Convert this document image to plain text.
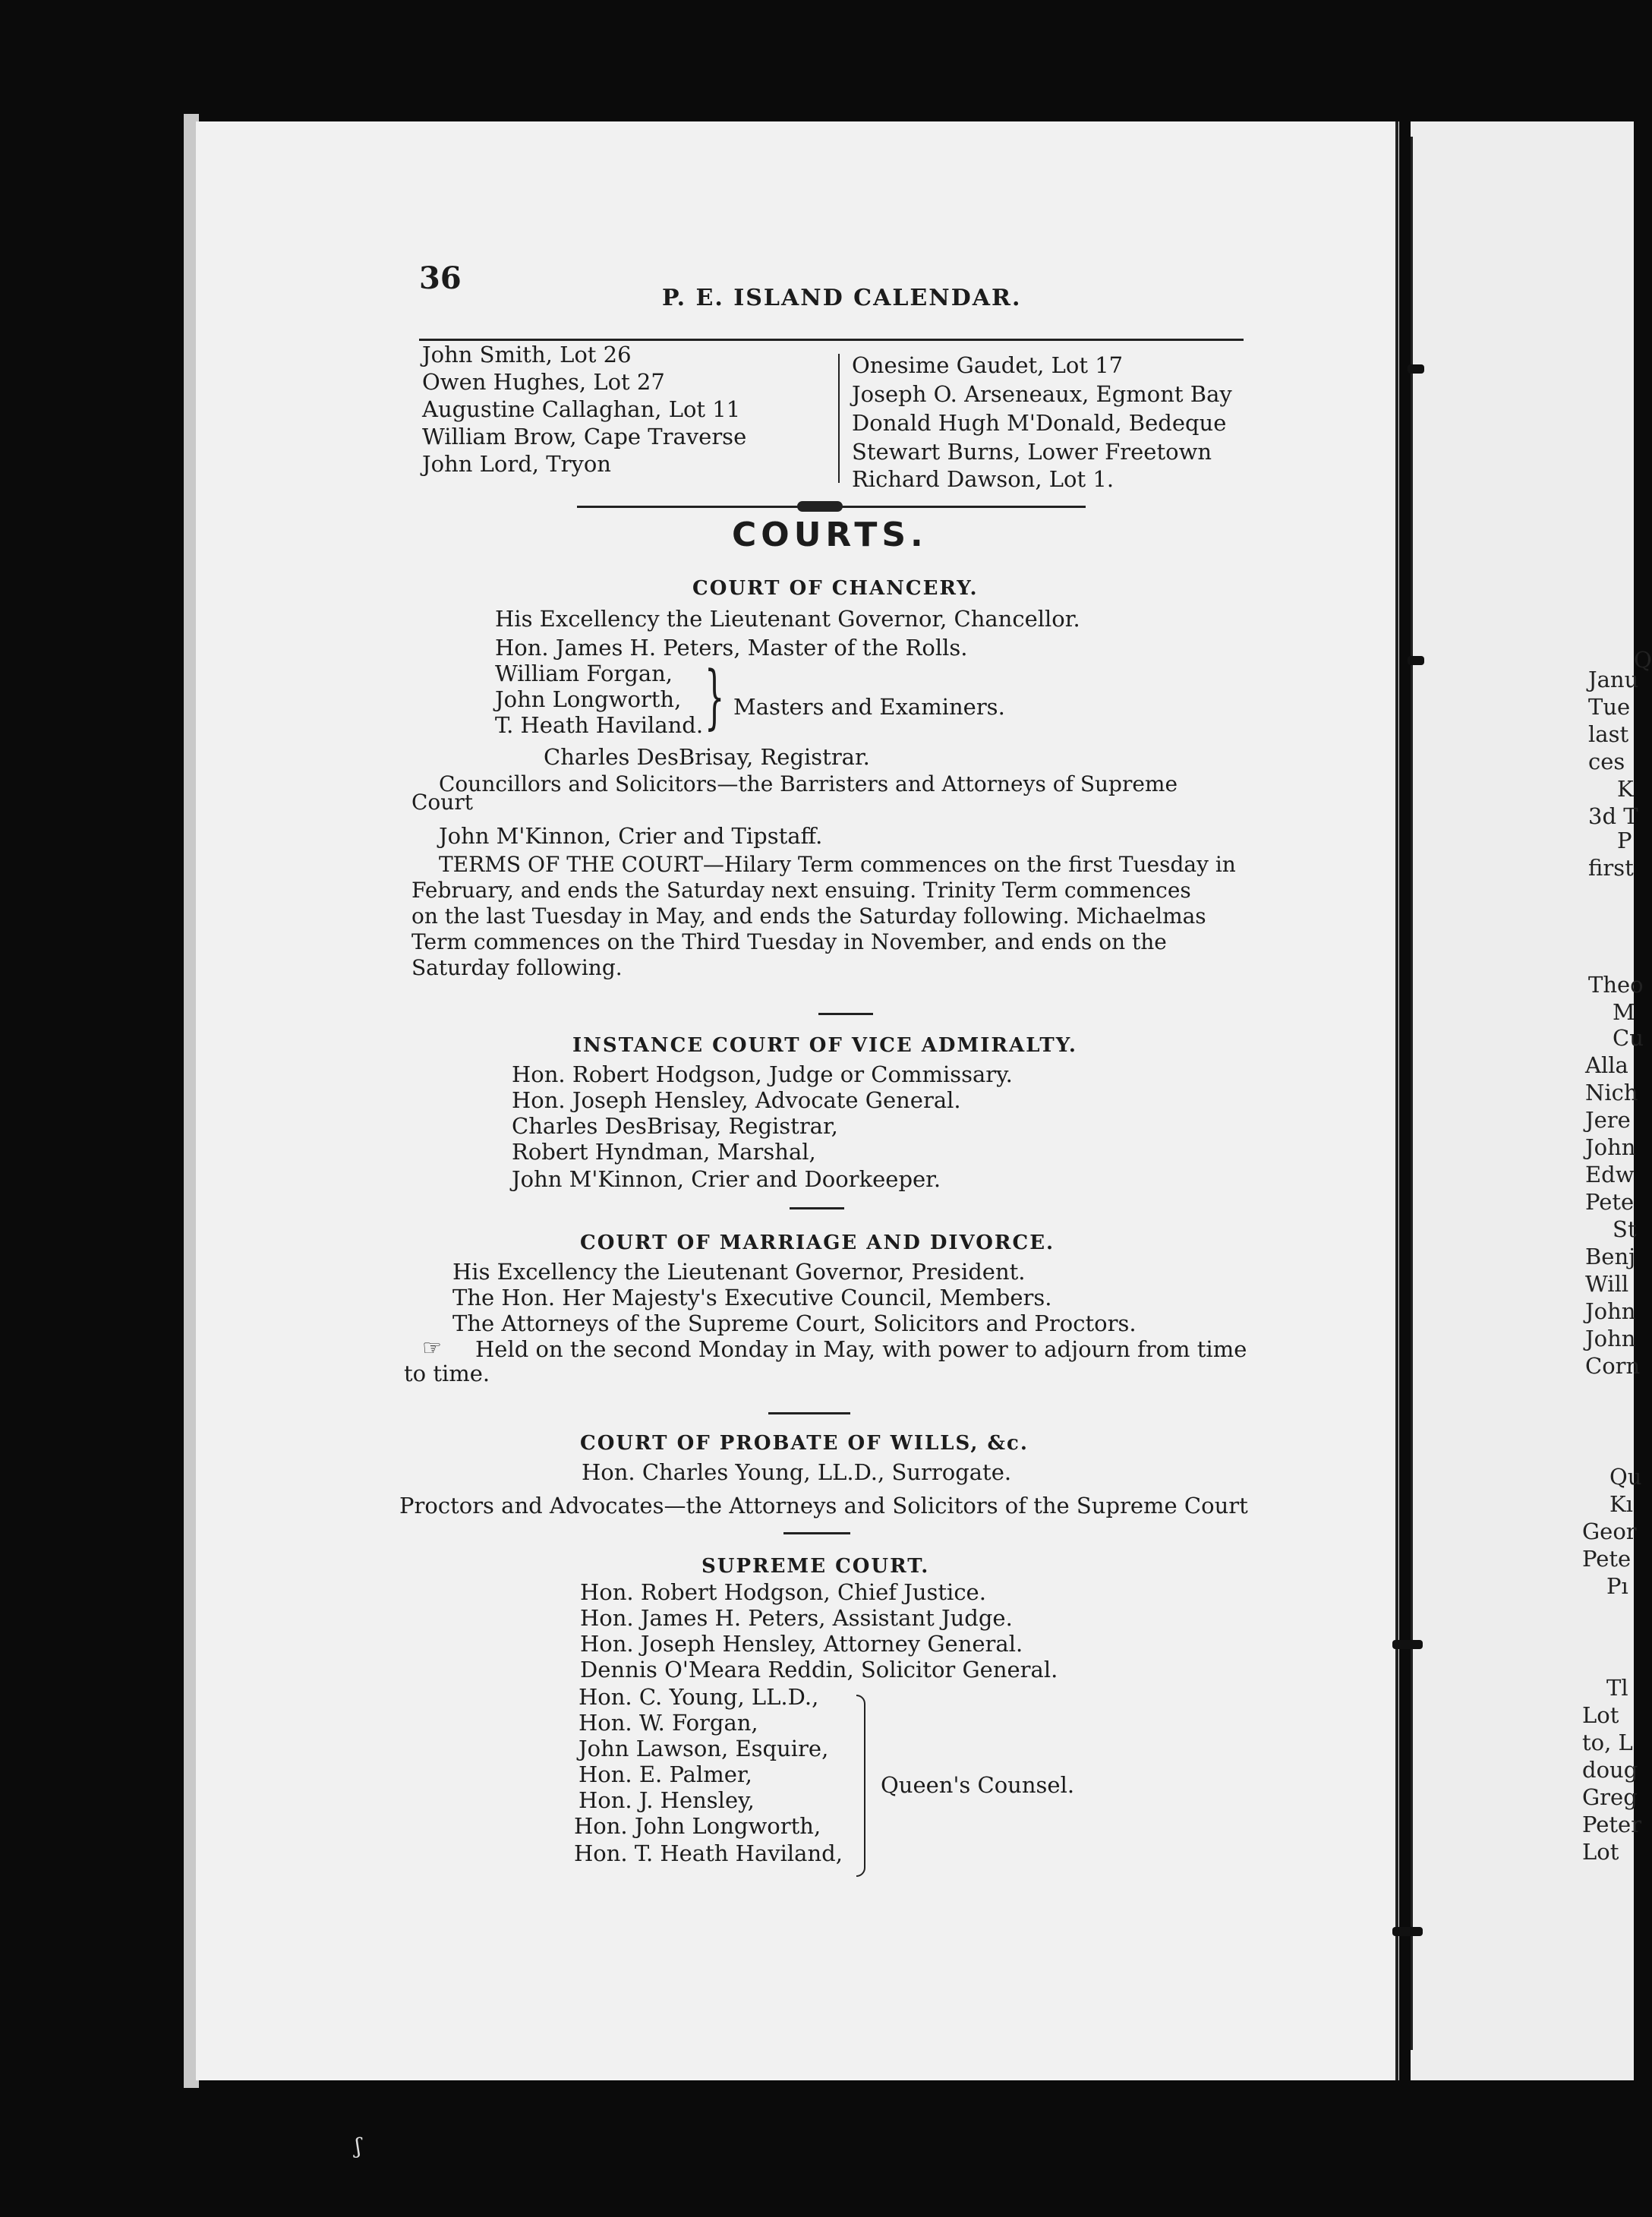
ʃ
36
P. E. ISLAND CALENDAR.
John Smith, Lot 26
Owen Hughes, Lot 27
Augustine Callaghan, Lot 11
William Brow, Cape Traverse
John Lord, Tryon
Onesime Gaudet, Lot 17
Joseph O. Arseneaux, Egmont Bay
Donald Hugh M'Donald, Bedeque
Stewart Burns, Lower Freetown
Richard Dawson, Lot 1.
COURTS.
COURT OF CHANCERY.
His Excellency the Lieutenant Governor, Chancellor.
Hon. James H. Peters, Master of the Rolls.
William Forgan,
John Longworth,
T. Heath Haviland. } Masters and Examiners.
Charles DesBrisay, Registrar.
Councillors and Solicitors—the Barristers and Attorneys of Supreme
Court
John M'Kinnon, Crier and Tipstaff.
TERMS OF THE COURT—Hilary Term commences on the first Tuesday in
February, and ends the Saturday next ensuing. Trinity Term commences
on the last Tuesday in May, and ends the Saturday following. Michaelmas
Term commences on the Third Tuesday in November, and ends on the
Saturday following.
INSTANCE COURT OF VICE ADMIRALTY.
Hon. Robert Hodgson, Judge or Commissary.
Hon. Joseph Hensley, Advocate General.
Charles DesBrisay, Registrar,
Robert Hyndman, Marshal,
John M'Kinnon, Crier and Doorkeeper.
COURT OF MARRIAGE AND DIVORCE.
His Excellency the Lieutenant Governor, President.
The Hon. Her Majesty's Executive Council, Members.
The Attorneys of the Supreme Court, Solicitors and Proctors.
☞ Held on the second Monday in May, with power to adjourn from time
to time.
COURT OF PROBATE OF WILLS, &c.
Hon. Charles Young, LL.D., Surrogate.
Proctors and Advocates—the Attorneys and Solicitors of the Supreme Court
SUPREME COURT.
Hon. Robert Hodgson, Chief Justice.
Hon. James H. Peters, Assistant Judge.
Hon. Joseph Hensley, Attorney General.
Dennis O'Meara Reddin, Solicitor General.
Hon. C. Young, LL.D.,
Hon. W. Forgan,
John Lawson, Esquire,
Hon. E. Palmer,
Hon. J. Hensley,
Hon. John Longworth,
Hon. T. Heath Haviland,
Queen's Counsel.
Q
Janu
Tue
last
ces
K
3d T
P
first
Theo
M
Cu
Alla
Nich
Jere
John
Edw
Pete
St
Benj
Will
John
John
Corn
Qu
Kı
Geor
Pete
Pı
Tl
Lot
to, L
doug
Greg
Peter
Lot
